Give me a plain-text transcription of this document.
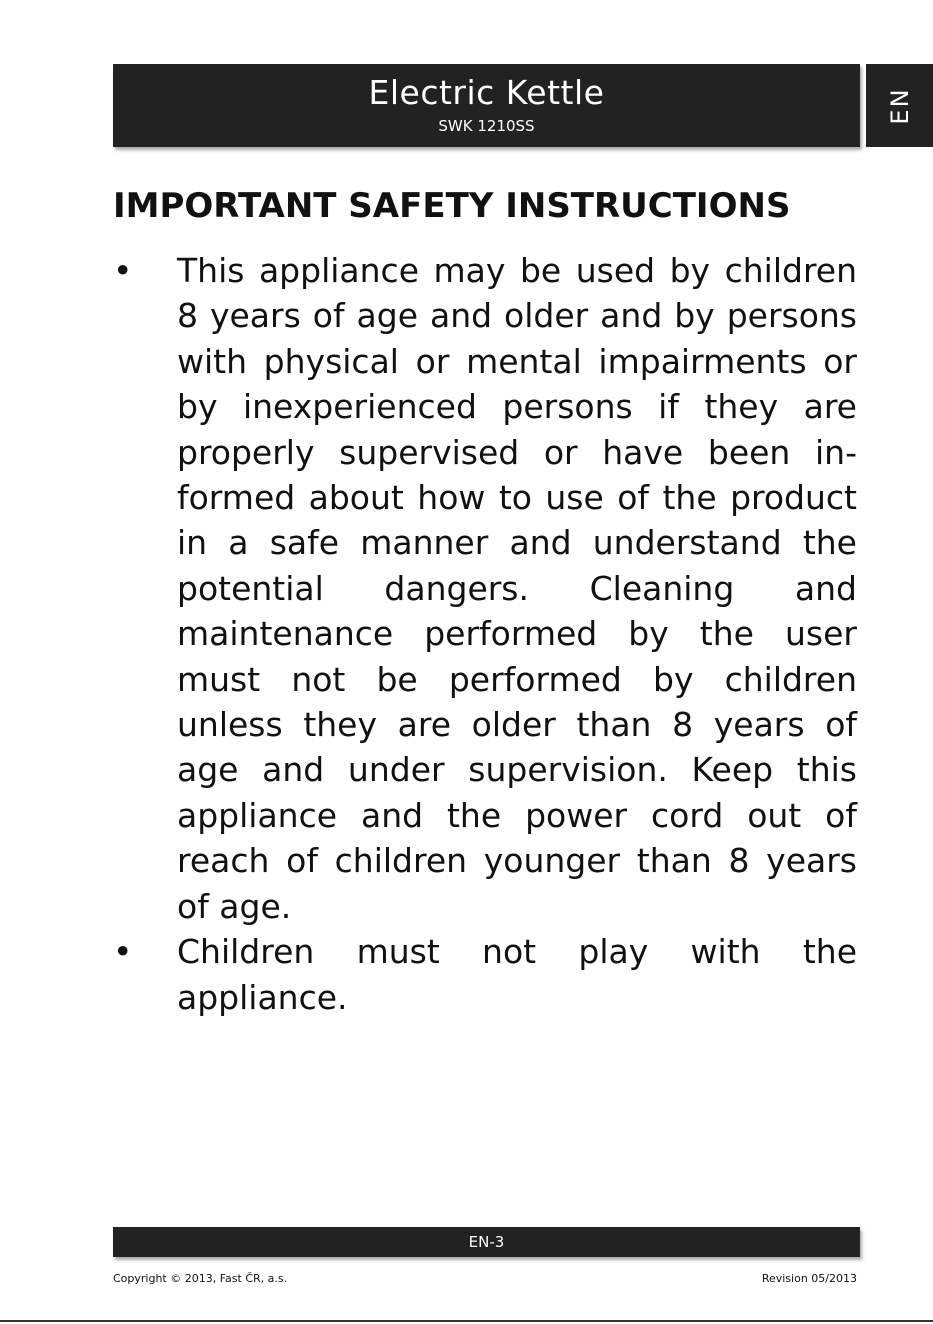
Electric Kettle
SWK 1210SS
EN
IMPORTANT SAFETY INSTRUCTIONS
• This appliance may be used by children 8 years of age and older and by persons with physical or mental impairments or by inexperienced persons if they are properly supervised or have been informed about how to use of the product in a safe manner and understand the potential dangers. Cleaning and maintenance performed by the user must not be performed by children unless they are older than 8 years of age and under supervision. Keep this appliance and the power cord out of reach of children younger than 8 years of age.
• Children must not play with the appliance.
EN-3
Copyright © 2013, Fast ČR, a.s.	Revision 05/2013
